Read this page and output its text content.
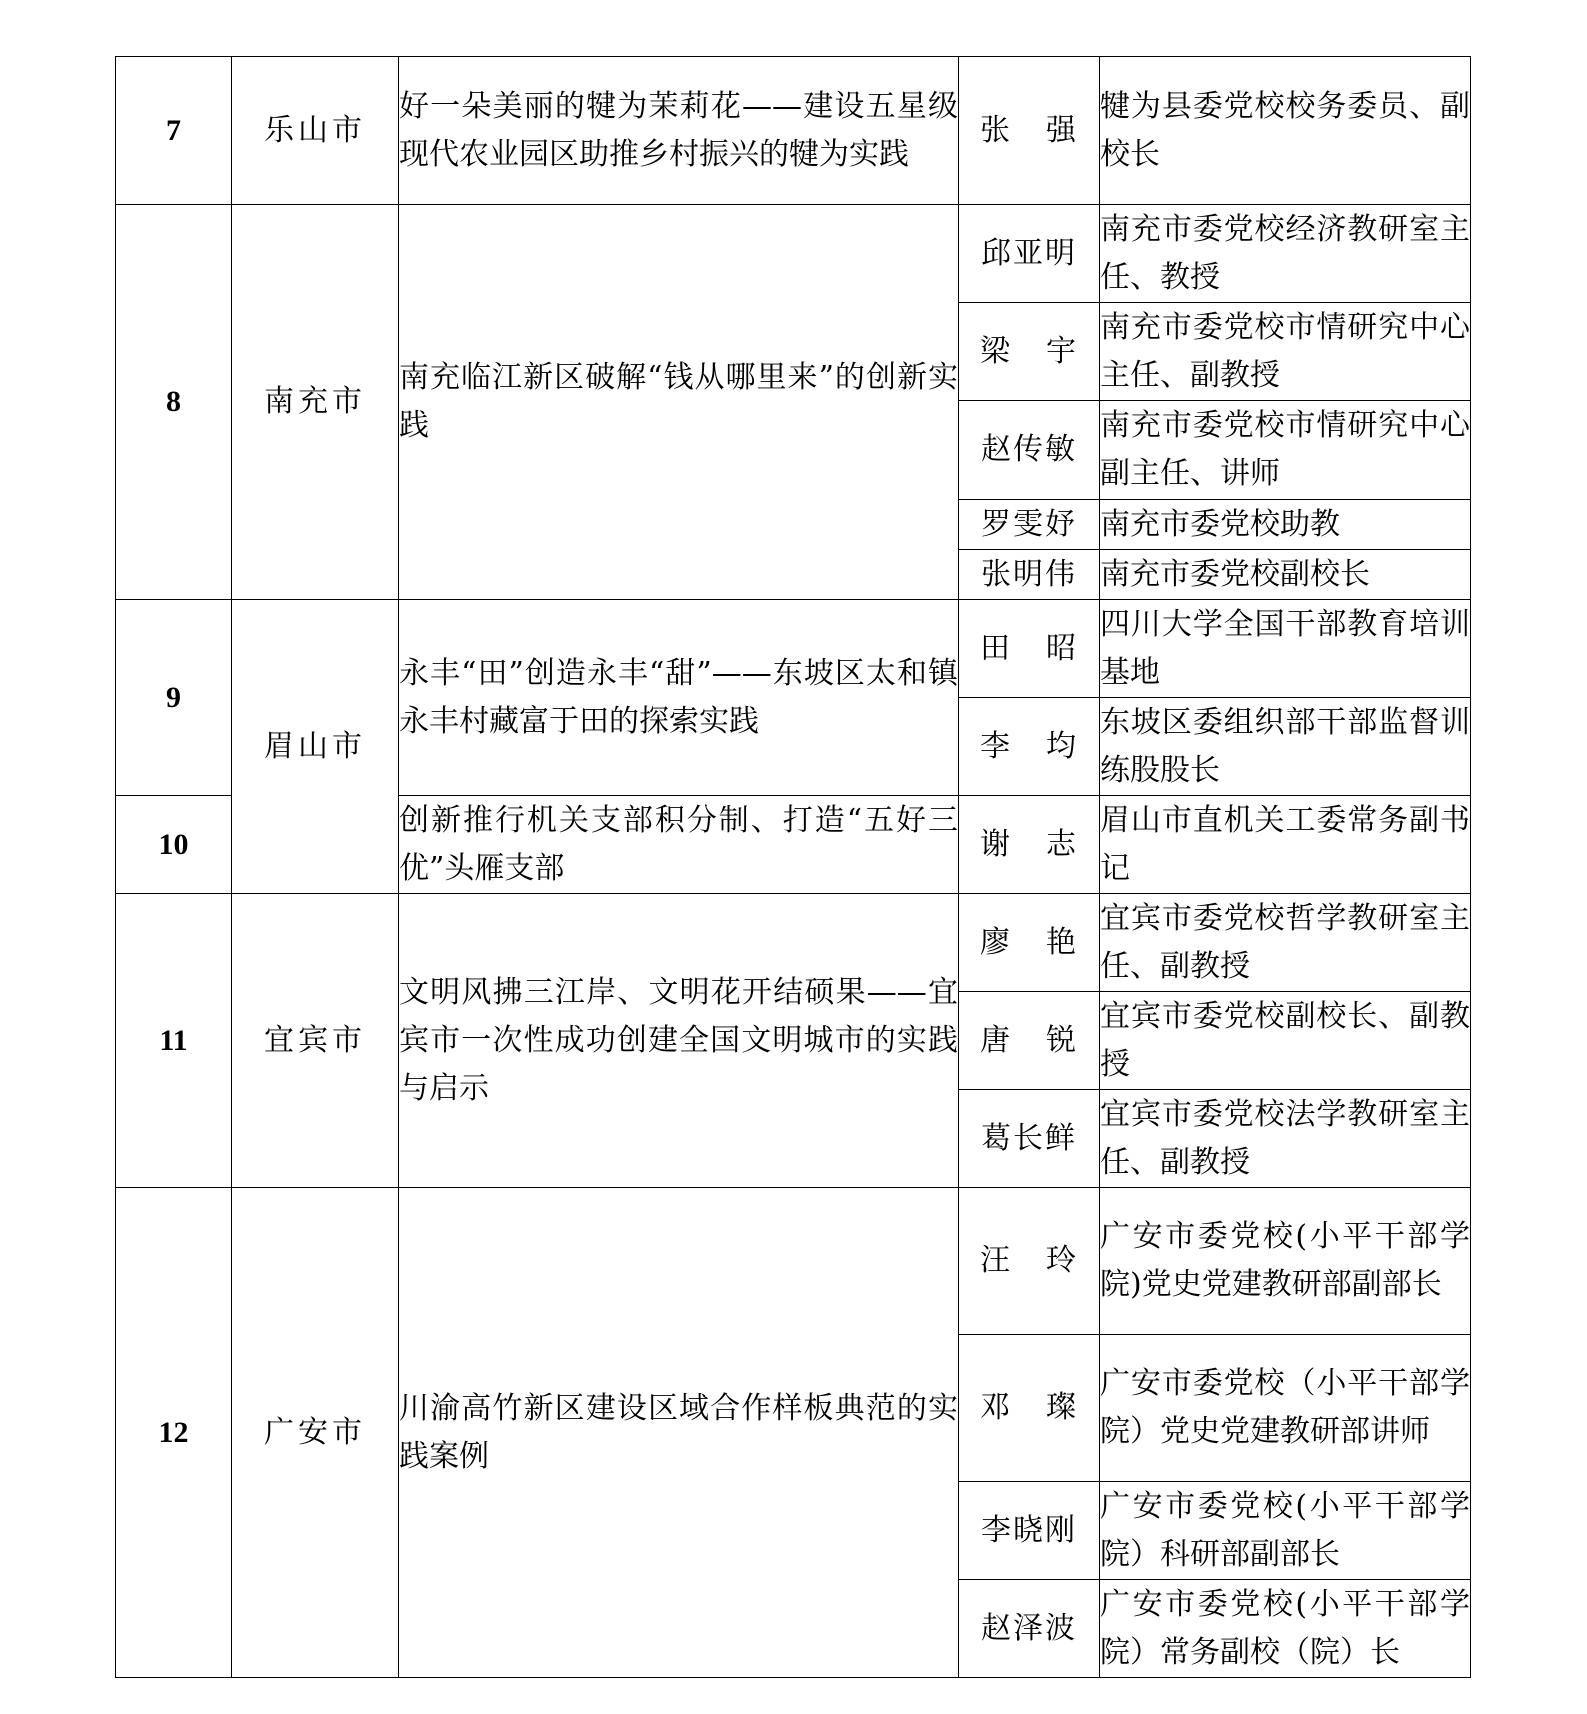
7	乐山市	好一朵美丽的犍为茉莉花——建设五星级现代农业园区助推乡村振兴的犍为实践	张 强	犍为县委党校校务委员、副校长
8	南充市	南充临江新区破解“钱从哪里来”的创新实践	邱亚明	南充市委党校经济教研室主任、教授
			梁 宇	南充市委党校市情研究中心主任、副教授
			赵传敏	南充市委党校市情研究中心副主任、讲师
			罗雯妤	南充市委党校助教
			张明伟	南充市委党校副校长
9	眉山市	永丰“田”创造永丰“甜”——东坡区太和镇永丰村藏富于田的探索实践	田 昭	四川大学全国干部教育培训基地
			李 均	东坡区委组织部干部监督训练股股长
10		创新推行机关支部积分制、打造“五好三优”头雁支部	谢 志	眉山市直机关工委常务副书记
11	宜宾市	文明风拂三江岸、文明花开结硕果——宜宾市一次性成功创建全国文明城市的实践与启示	廖 艳	宜宾市委党校哲学教研室主任、副教授
			唐 锐	宜宾市委党校副校长、副教授
			葛长鲜	宜宾市委党校法学教研室主任、副教授
12	广安市	川渝高竹新区建设区域合作样板典范的实践案例	汪 玲	广安市委党校(小平干部学院)党史党建教研部副部长
			邓 璨	广安市委党校（小平干部学院）党史党建教研部讲师
			李晓刚	广安市委党校(小平干部学院）科研部副部长
			赵泽波	广安市委党校(小平干部学院）常务副校（院）长
